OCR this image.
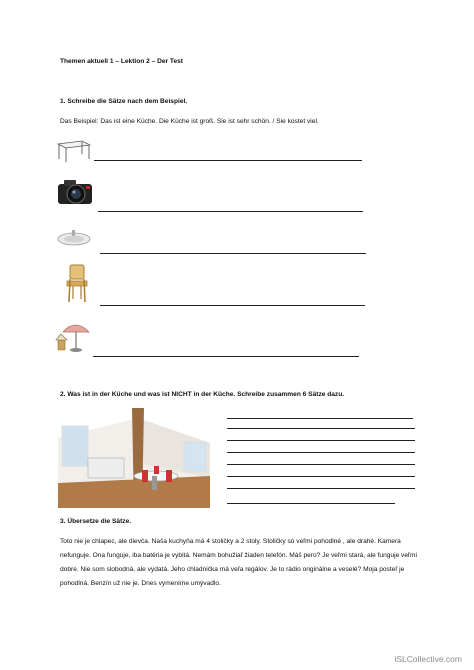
Themen aktuell 1 – Lektion 2 – Der Test
1. Schreibe die Sätze nach dem Beispiel.
Das Beispiel: Das ist eine Küche. Die Küche ist groß. Sie ist sehr schön. / Sie kostet viel.
2. Was ist in der Küche und was ist NICHT in der Küche. Schreibe zusammen 6 Sätze dazu.
3. Übersetze die Sätze.
Toto nie je chlapec, ale dievča. Naša kuchyňa má 4 stoličky a 2 stoly. Stoličky sú veľmi pohodlné , ale drahé. Kamera nefunguje. Ona funguje, iba batéria je vybitá. Nemám bohužiaľ žiaden telefón. Máš pero? Je veľmi stará, ale funguje veľmi dobre. Nie som slobodná, ale vydatá. Jeho chladnička má veľa regálov. Je to rádio originálne a veselé? Moja posteľ je pohodlná. Benzín už nie je. Dnes vymeníme umývadlo.
iSLCollective.com
